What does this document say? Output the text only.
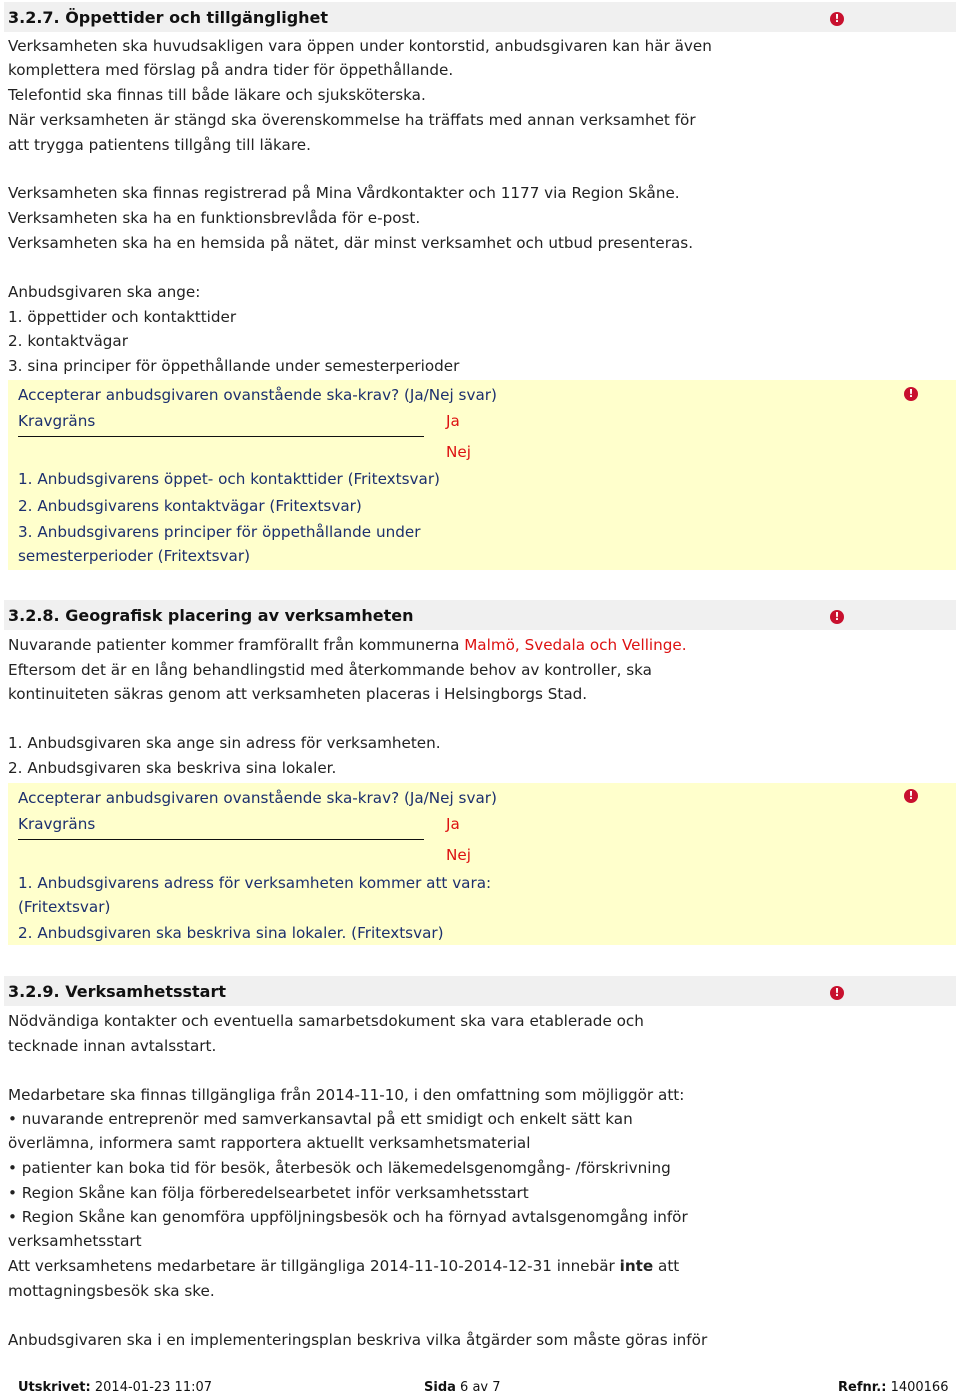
3.2.7. Öppettider och tillgänglighet	!
Verksamheten ska huvudsakligen vara öppen under kontorstid, anbudsgivaren kan här även
komplettera med förslag på andra tider för öppethållande.
Telefontid ska finnas till både läkare och sjuksköterska.
När verksamheten är stängd ska överenskommelse ha träffats med annan verksamhet för
att trygga patientens tillgång till läkare.
Verksamheten ska finnas registrerad på Mina Vårdkontakter och 1177 via Region Skåne.
Verksamheten ska ha en funktionsbrevlåda för e-post.
Verksamheten ska ha en hemsida på nätet, där minst verksamhet och utbud presenteras.
Anbudsgivaren ska ange:
1. öppettider och kontakttider
2. kontaktvägar
3. sina principer för öppethållande under semesterperioder
Accepterar anbudsgivaren ovanstående ska-krav? (Ja/Nej svar)
Kravgräns	Ja
Nej
1. Anbudsgivarens öppet- och kontakttider (Fritextsvar)
2. Anbudsgivarens kontaktvägar (Fritextsvar)
3. Anbudsgivarens principer för öppethållande under
semesterperioder (Fritextsvar)
!
3.2.8. Geografisk placering av verksamheten	!
Nuvarande patienter kommer framförallt från kommunerna Malmö, Svedala och Vellinge.
Eftersom det är en lång behandlingstid med återkommande behov av kontroller, ska
kontinuiteten säkras genom att verksamheten placeras i Helsingborgs Stad.
1. Anbudsgivaren ska ange sin adress för verksamheten.
2. Anbudsgivaren ska beskriva sina lokaler.
Accepterar anbudsgivaren ovanstående ska-krav? (Ja/Nej svar)
Kravgräns	Ja
Nej
1. Anbudsgivarens adress för verksamheten kommer att vara:
(Fritextsvar)
2. Anbudsgivaren ska beskriva sina lokaler. (Fritextsvar)
!
3.2.9. Verksamhetsstart	!
Nödvändiga kontakter och eventuella samarbetsdokument ska vara etablerade och
tecknade innan avtalsstart.
Medarbetare ska finnas tillgängliga från 2014-11-10, i den omfattning som möjliggör att:
• nuvarande entreprenör med samverkansavtal på ett smidigt och enkelt sätt kan
överlämna, informera samt rapportera aktuellt verksamhetsmaterial
• patienter kan boka tid för besök, återbesök och läkemedelsgenomgång- /förskrivning
• Region Skåne kan följa förberedelsearbetet inför verksamhetsstart
• Region Skåne kan genomföra uppföljningsbesök och ha förnyad avtalsgenomgång inför
verksamhetsstart
Att verksamhetens medarbetare är tillgängliga 2014-11-10-2014-12-31 innebär inte att
mottagningsbesök ska ske.
Anbudsgivaren ska i en implementeringsplan beskriva vilka åtgärder som måste göras inför
Utskrivet: 2014-01-23 11:07	Sida 6 av 7	Refnr.: 1400166
